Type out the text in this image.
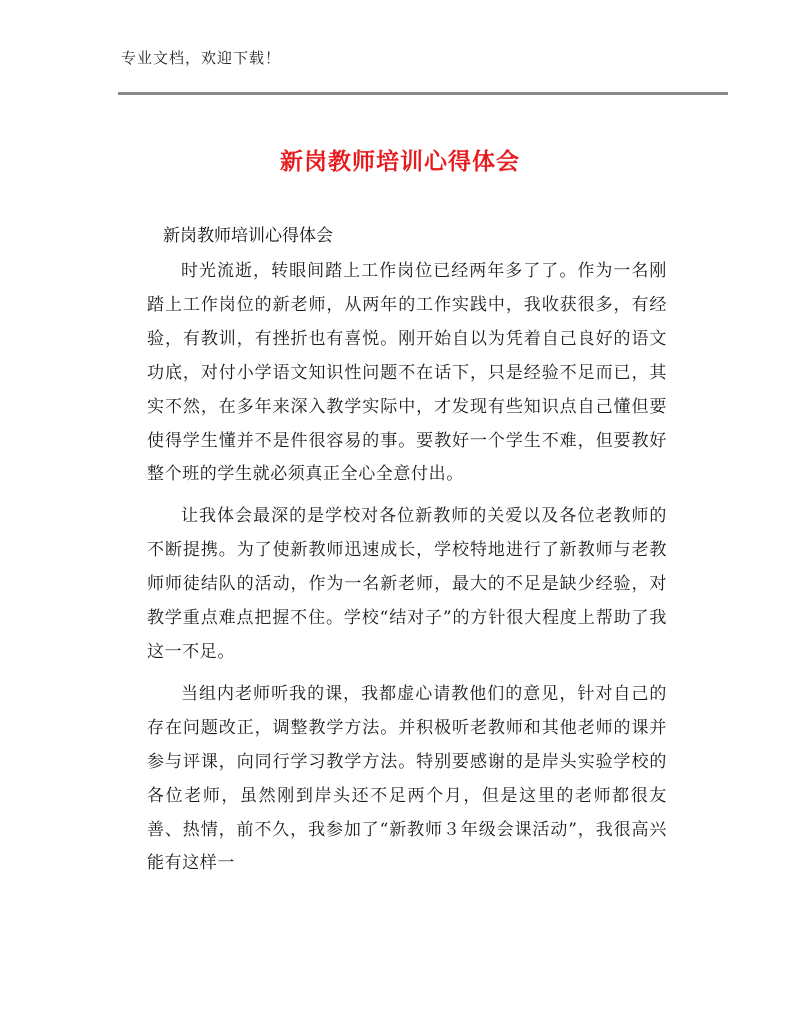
专业文档，欢迎下载！
新岗教师培训心得体会
新岗教师培训心得体会

时光流逝，转眼间踏上工作岗位已经两年多了了。作为一名刚踏上工作岗位的新老师，从两年的工作实践中，我收获很多，有经验，有教训，有挫折也有喜悦。刚开始自以为凭着自己良好的语文功底，对付小学语文知识性问题不在话下，只是经验不足而已，其实不然，在多年来深入教学实际中，才发现有些知识点自己懂但要使得学生懂并不是件很容易的事。要教好一个学生不难，但要教好整个班的学生就必须真正全心全意付出。

让我体会最深的是学校对各位新教师的关爱以及各位老教师的不断提携。为了使新教师迅速成长，学校特地进行了新教师与老教师师徒结队的活动，作为一名新老师，最大的不足是缺少经验，对教学重点难点把握不住。学校“结对子”的方针很大程度上帮助了我这一不足。

当组内老师听我的课，我都虚心请教他们的意见，针对自己的存在问题改正，调整教学方法。并积极听老教师和其他老师的课并参与评课，向同行学习教学方法。特别要感谢的是岸头实验学校的各位老师，虽然刚到岸头还不足两个月，但是这里的老师都很友善、热情，前不久，我参加了“新教师３年级会课活动”，我很高兴能有这样一
